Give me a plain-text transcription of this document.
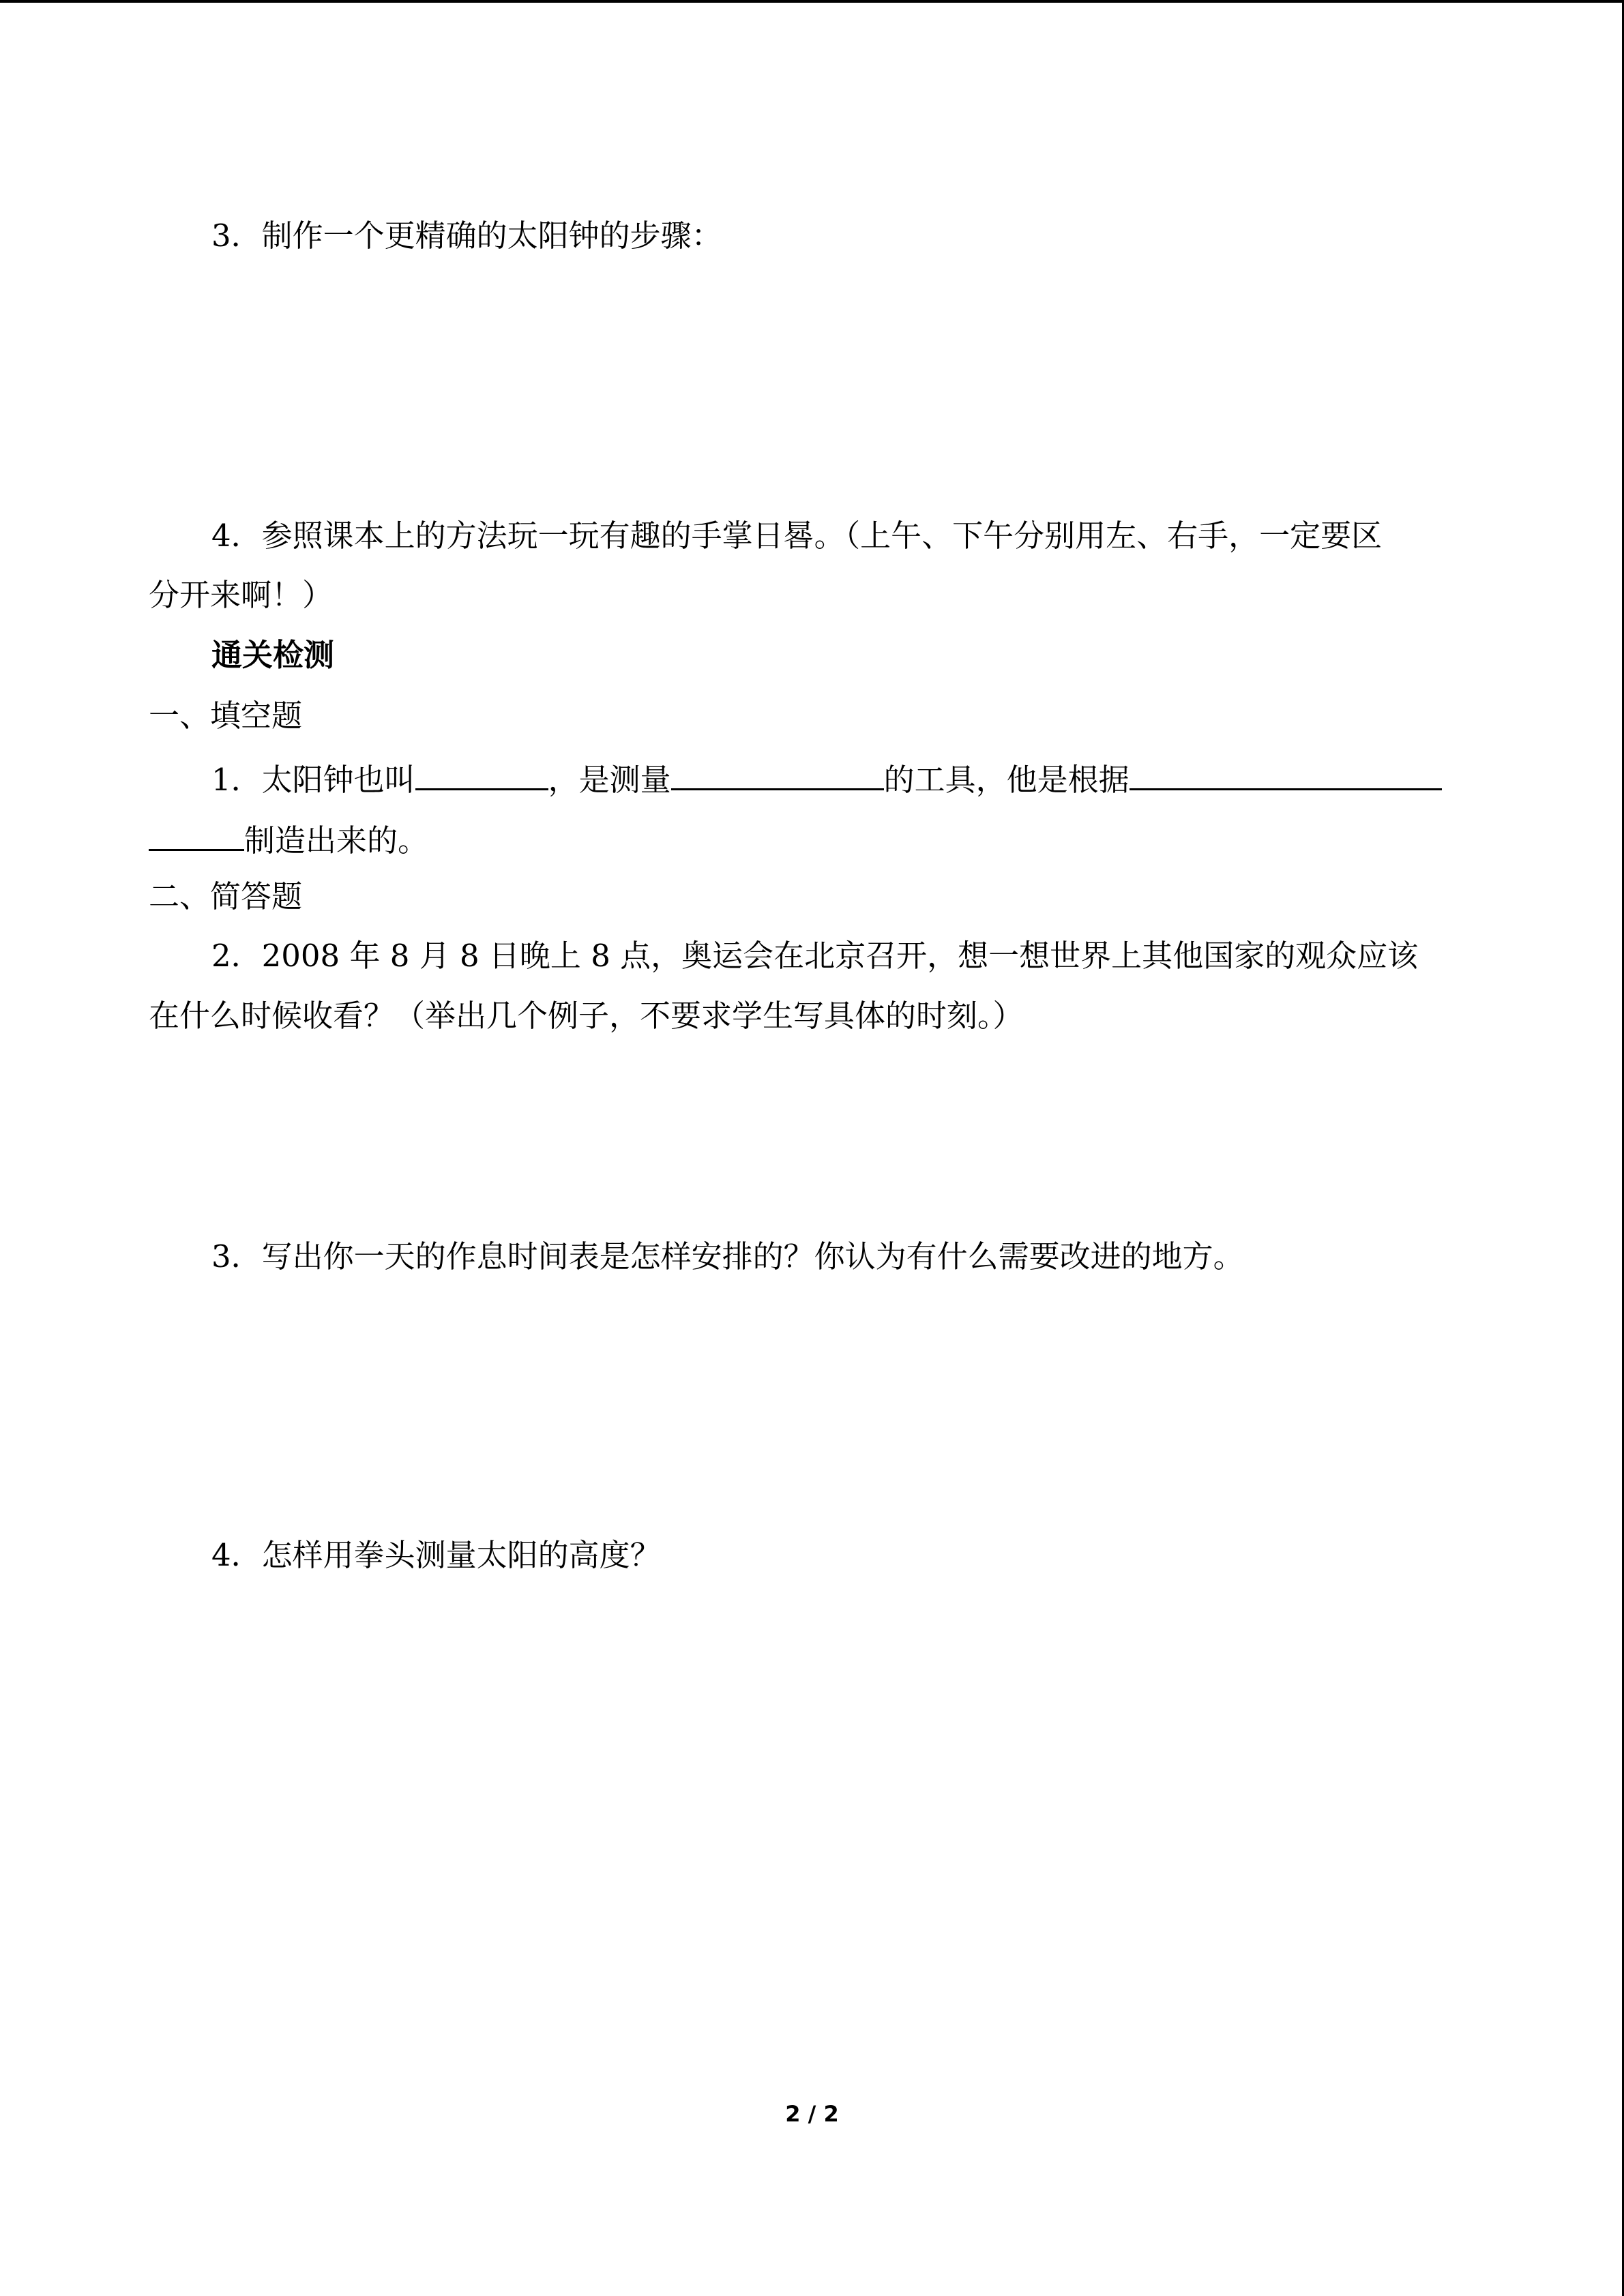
3．制作一个更精确的太阳钟的步骤：
4．参照课本上的方法玩一玩有趣的手掌日晷。（上午、下午分别用左、右手，一定要区
分开来啊！）
通关检测
一、填空题
1．太阳钟也叫	，是测量	的工具，他是根据
制造出来的。
二、简答题
2．2008 年 8 月 8 日晚上 8 点，奥运会在北京召开，想一想世界上其他国家的观众应该
在什么时候收看？（举出几个例子，不要求学生写具体的时刻。）
3．写出你一天的作息时间表是怎样安排的？你认为有什么需要改进的地方。
4．怎样用拳头测量太阳的高度？
2 / 2
